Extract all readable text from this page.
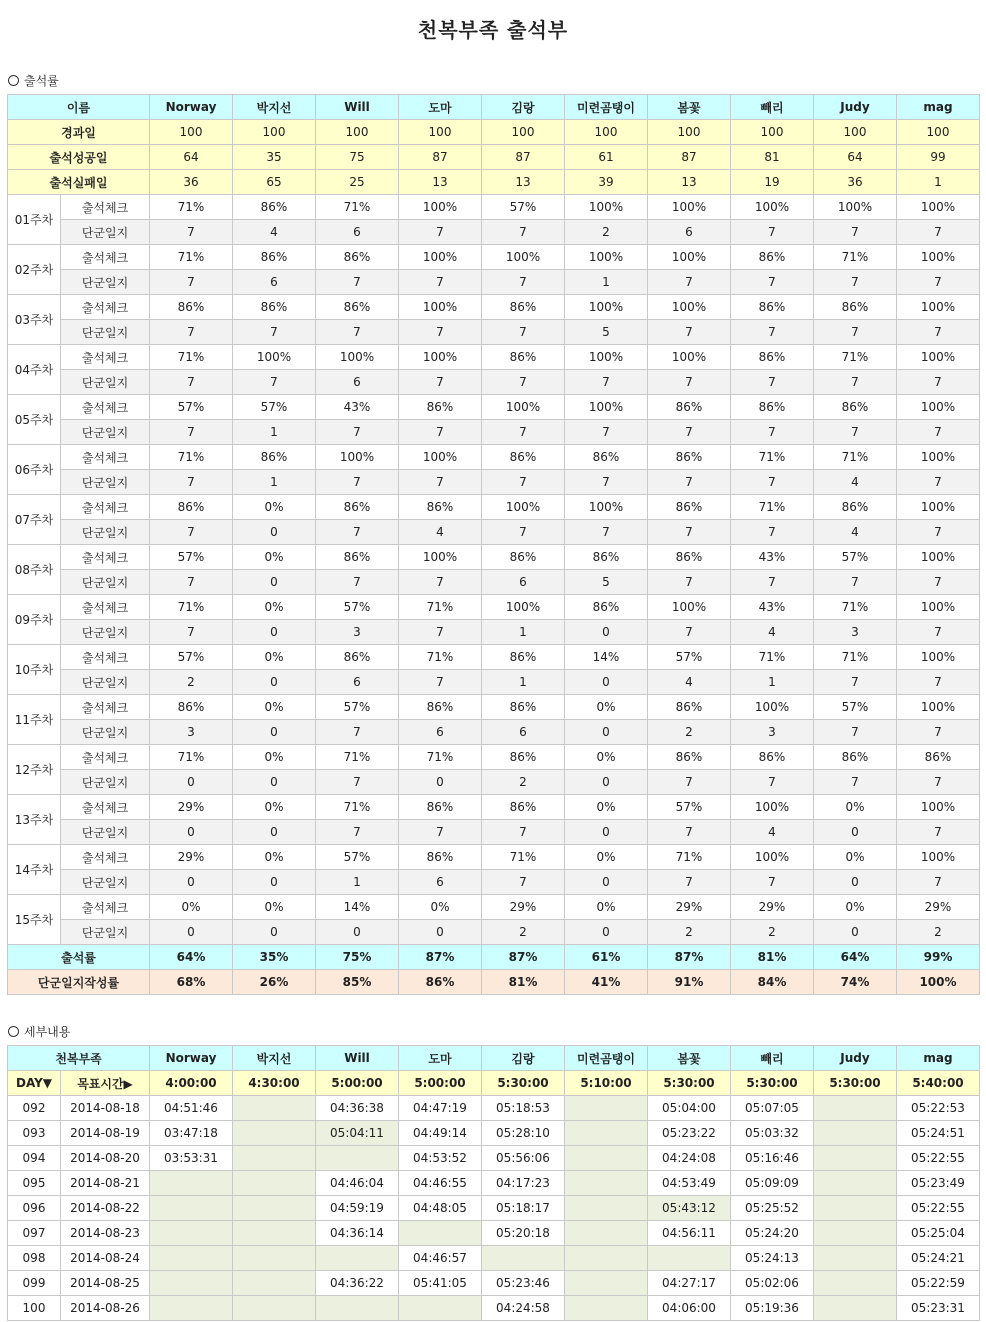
천복부족 출석부
출석률
이름		Norway	박지선	Will	도마	김랑	미련곰탱이	봄꽃	빼리	Judy	mag
경과일		100	100	100	100	100	100	100	100	100	100
출석성공일		64	35	75	87	87	61	87	81	64	99
출석실패일		36	65	25	13	13	39	13	19	36	1
01주차	출석체크	71%	86%	71%	100%	57%	100%	100%	100%	100%	100%
	단군일지	7	4	6	7	7	2	6	7	7	7
02주차	출석체크	71%	86%	86%	100%	100%	100%	100%	86%	71%	100%
	단군일지	7	6	7	7	7	1	7	7	7	7
03주차	출석체크	86%	86%	86%	100%	86%	100%	100%	86%	86%	100%
	단군일지	7	7	7	7	7	5	7	7	7	7
04주차	출석체크	71%	100%	100%	100%	86%	100%	100%	86%	71%	100%
	단군일지	7	7	6	7	7	7	7	7	7	7
05주차	출석체크	57%	57%	43%	86%	100%	100%	86%	86%	86%	100%
	단군일지	7	1	7	7	7	7	7	7	7	7
06주차	출석체크	71%	86%	100%	100%	86%	86%	86%	71%	71%	100%
	단군일지	7	1	7	7	7	7	7	7	4	7
07주차	출석체크	86%	0%	86%	86%	100%	100%	86%	71%	86%	100%
	단군일지	7	0	7	4	7	7	7	7	4	7
08주차	출석체크	57%	0%	86%	100%	86%	86%	86%	43%	57%	100%
	단군일지	7	0	7	7	6	5	7	7	7	7
09주차	출석체크	71%	0%	57%	71%	100%	86%	100%	43%	71%	100%
	단군일지	7	0	3	7	1	0	7	4	3	7
10주차	출석체크	57%	0%	86%	71%	86%	14%	57%	71%	71%	100%
	단군일지	2	0	6	7	1	0	4	1	7	7
11주차	출석체크	86%	0%	57%	86%	86%	0%	86%	100%	57%	100%
	단군일지	3	0	7	6	6	0	2	3	7	7
12주차	출석체크	71%	0%	71%	71%	86%	0%	86%	86%	86%	86%
	단군일지	0	0	7	0	2	0	7	7	7	7
13주차	출석체크	29%	0%	71%	86%	86%	0%	57%	100%	0%	100%
	단군일지	0	0	7	7	7	0	7	4	0	7
14주차	출석체크	29%	0%	57%	86%	71%	0%	71%	100%	0%	100%
	단군일지	0	0	1	6	7	0	7	7	0	7
15주차	출석체크	0%	0%	14%	0%	29%	0%	29%	29%	0%	29%
	단군일지	0	0	0	0	2	0	2	2	0	2
출석률		64%	35%	75%	87%	87%	61%	87%	81%	64%	99%
단군일지작성률		68%	26%	85%	86%	81%	41%	91%	84%	74%	100%
세부내용
천복부족		Norway	박지선	Will	도마	김랑	미련곰탱이	봄꽃	빼리	Judy	mag
DAY▼	목표시간▶	4:00:00	4:30:00	5:00:00	5:00:00	5:30:00	5:10:00	5:30:00	5:30:00	5:30:00	5:40:00
092	2014-08-18	04:51:46		04:36:38	04:47:19	05:18:53		05:04:00	05:07:05		05:22:53
093	2014-08-19	03:47:18		05:04:11	04:49:14	05:28:10		05:23:22	05:03:32		05:24:51
094	2014-08-20	03:53:31			04:53:52	05:56:06		04:24:08	05:16:46		05:22:55
095	2014-08-21			04:46:04	04:46:55	04:17:23		04:53:49	05:09:09		05:23:49
096	2014-08-22			04:59:19	04:48:05	05:18:17		05:43:12	05:25:52		05:22:55
097	2014-08-23			04:36:14		05:20:18		04:56:11	05:24:20		05:25:04
098	2014-08-24				04:46:57				05:24:13		05:24:21
099	2014-08-25			04:36:22	05:41:05	05:23:46		04:27:17	05:02:06		05:22:59
100	2014-08-26					04:24:58		04:06:00	05:19:36		05:23:31
